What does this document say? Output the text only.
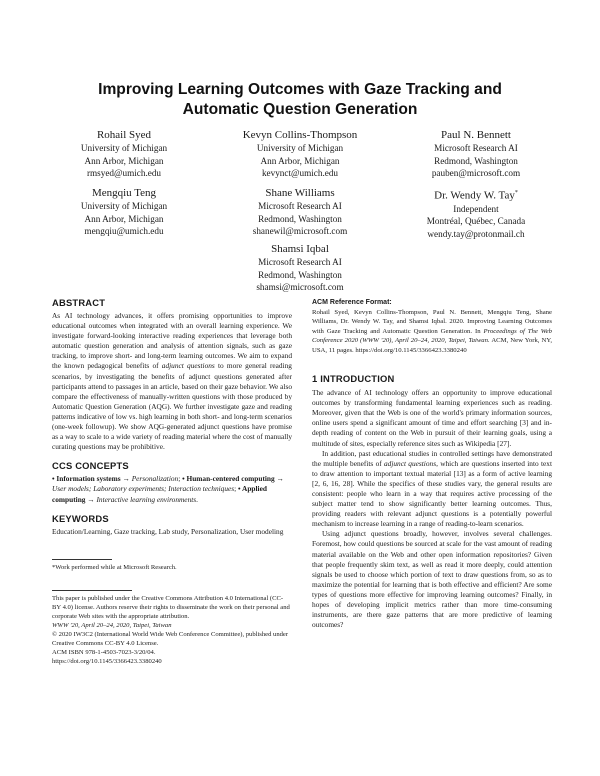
Improving Learning Outcomes with Gaze Tracking and
Automatic Question Generation
Rohail Syed
University of Michigan
Ann Arbor, Michigan
rmsyed@umich.edu
Kevyn Collins-Thompson
University of Michigan
Ann Arbor, Michigan
kevynct@umich.edu
Paul N. Bennett
Microsoft Research AI
Redmond, Washington
pauben@microsoft.com
Mengqiu Teng
University of Michigan
Ann Arbor, Michigan
mengqiu@umich.edu
Shane Williams
Microsoft Research AI
Redmond, Washington
shanewil@microsoft.com
Dr. Wendy W. Tay*
Independent
Montréal, Québec, Canada
wendy.tay@protonmail.ch
Shamsi Iqbal
Microsoft Research AI
Redmond, Washington
shamsi@microsoft.com
ABSTRACT

As AI technology advances, it offers promising opportunities to improve educational outcomes when integrated with an overall learning experience. We investigate forward-looking interactive reading experiences that leverage both automatic question generation and analysis of attention signals, such as gaze tracking, to improve short- and long-term learning outcomes. We aim to expand the known pedagogical benefits of adjunct questions to more general reading scenarios, by investigating the benefits of adjunct questions generated after participants attend to passages in an article, based on their gaze behavior. We also compare the effectiveness of manually-written questions with those produced by Automatic Question Generation (AQG). We further investigate gaze and reading patterns indicative of low vs. high learning in both short- and long-term scenarios (one-week followup). We show AQG-generated adjunct questions have promise as a way to scale to a wide variety of reading material where the cost of manually curating questions may be prohibitive.

CCS CONCEPTS

• Information systems → Personalization; • Human-centered computing → User models; Laboratory experiments; Interaction techniques; • Applied computing → Interactive learning environments.

KEYWORDS

Education/Learning, Gaze tracking, Lab study, Personalization, User modeling

*Work performed while at Microsoft Research.

This paper is published under the Creative Commons Attribution 4.0 International (CC-BY 4.0) license. Authors reserve their rights to disseminate the work on their personal and corporate Web sites with the appropriate attribution.

WWW '20, April 20–24, 2020, Taipei, Taiwan

© 2020 IW3C2 (International World Wide Web Conference Committee), published under Creative Commons CC-BY 4.0 License.

ACM ISBN 978-1-4503-7023-3/20/04.

https://doi.org/10.1145/3366423.3380240

ACM Reference Format:

Rohail Syed, Kevyn Collins-Thompson, Paul N. Bennett, Mengqiu Teng, Shane Williams, Dr. Wendy W. Tay, and Shamsi Iqbal. 2020. Improving Learning Outcomes with Gaze Tracking and Automatic Question Generation. In Proceedings of The Web Conference 2020 (WWW '20), April 20–24, 2020, Taipei, Taiwan. ACM, New York, NY, USA, 11 pages. https://doi.org/10.1145/3366423.3380240

1 INTRODUCTION

The advance of AI technology offers an opportunity to improve educational outcomes by transforming fundamental learning experiences such as reading. Moreover, given that the Web is one of the world's primary information sources, online users spend a significant amount of time and effort searching [3] and in-depth reading of content on the Web in pursuit of their learning goals, using a multitude of sites, especially reference sites such as Wikipedia [27].

In addition, past educational studies in controlled settings have demonstrated the multiple benefits of adjunct questions, which are questions inserted into text to draw attention to important textual material [13] as a form of active learning [2, 6, 16, 28]. While the specifics of these studies vary, the general results are consistent: people who learn in a way that requires active processing of the subject matter tend to show significantly better learning outcomes. Thus, providing readers with relevant adjunct questions is a potentially powerful mechanism to increase learning in a range of reading-to-learn scenarios.

Using adjunct questions broadly, however, involves several challenges. Foremost, how could questions be sourced at scale for the vast amount of reading material available on the Web and other open information repositories? Given that people frequently skim text, as well as read it more deeply, could attention signals be used to choose which portion of text to draw questions from, so as to maximize the potential for learning that is both effective and efficient? Are some types of questions more effective for improving learning outcomes? Finally, in hopes of developing implicit metrics rather than more time-consuming instruments, are there gaze patterns that are more predictive of learning outcomes?
